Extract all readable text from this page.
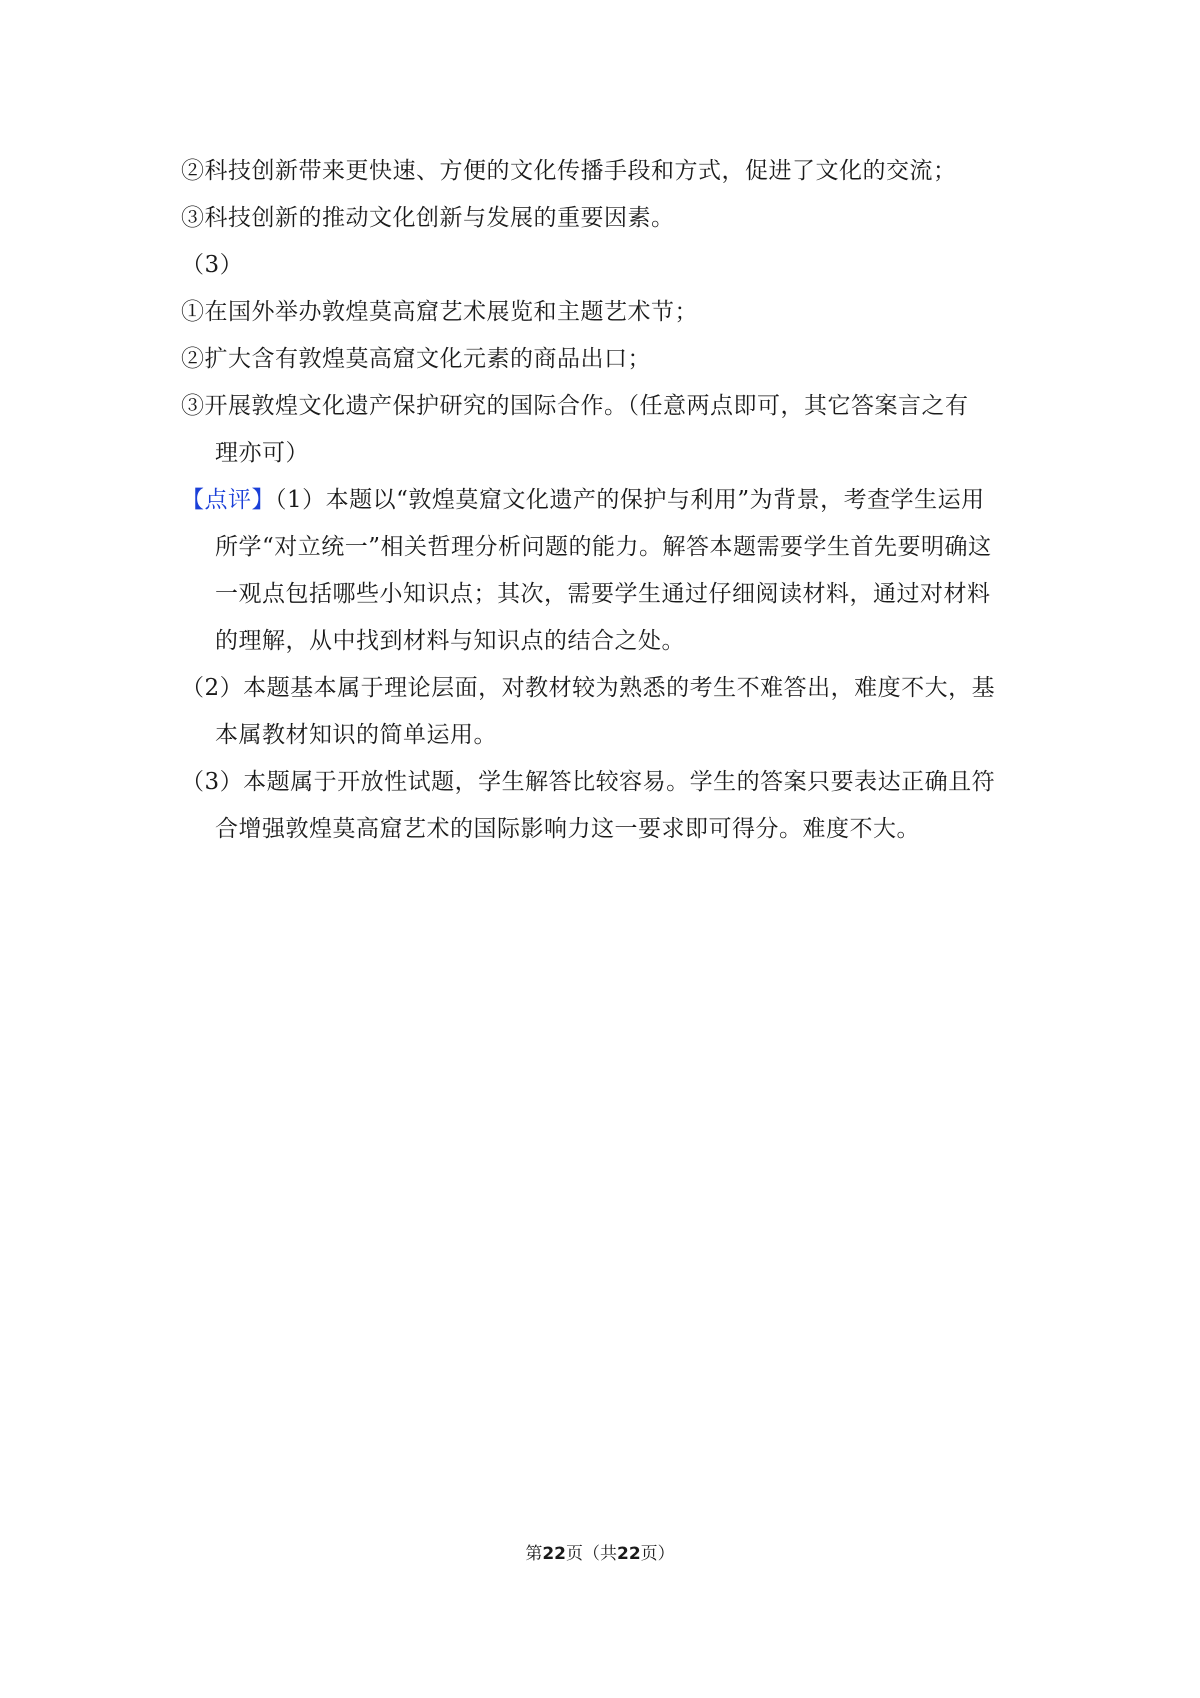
②科技创新带来更快速、方便的文化传播手段和方式，促进了文化的交流；
③科技创新的推动文化创新与发展的重要因素。
（3）
①在国外举办敦煌莫高窟艺术展览和主题艺术节；
②扩大含有敦煌莫高窟文化元素的商品出口；
③开展敦煌文化遗产保护研究的国际合作。（任意两点即可，其它答案言之有
理亦可）
【点评】（1）本题以“敦煌莫窟文化遗产的保护与利用”为背景，考查学生运用
所学“对立统一”相关哲理分析问题的能力。解答本题需要学生首先要明确这
一观点包括哪些小知识点；其次，需要学生通过仔细阅读材料，通过对材料
的理解，从中找到材料与知识点的结合之处。
（2）本题基本属于理论层面，对教材较为熟悉的考生不难答出，难度不大，基
本属教材知识的简单运用。
（3）本题属于开放性试题，学生解答比较容易。学生的答案只要表达正确且符
合增强敦煌莫高窟艺术的国际影响力这一要求即可得分。难度不大。
第22页（共22页）
